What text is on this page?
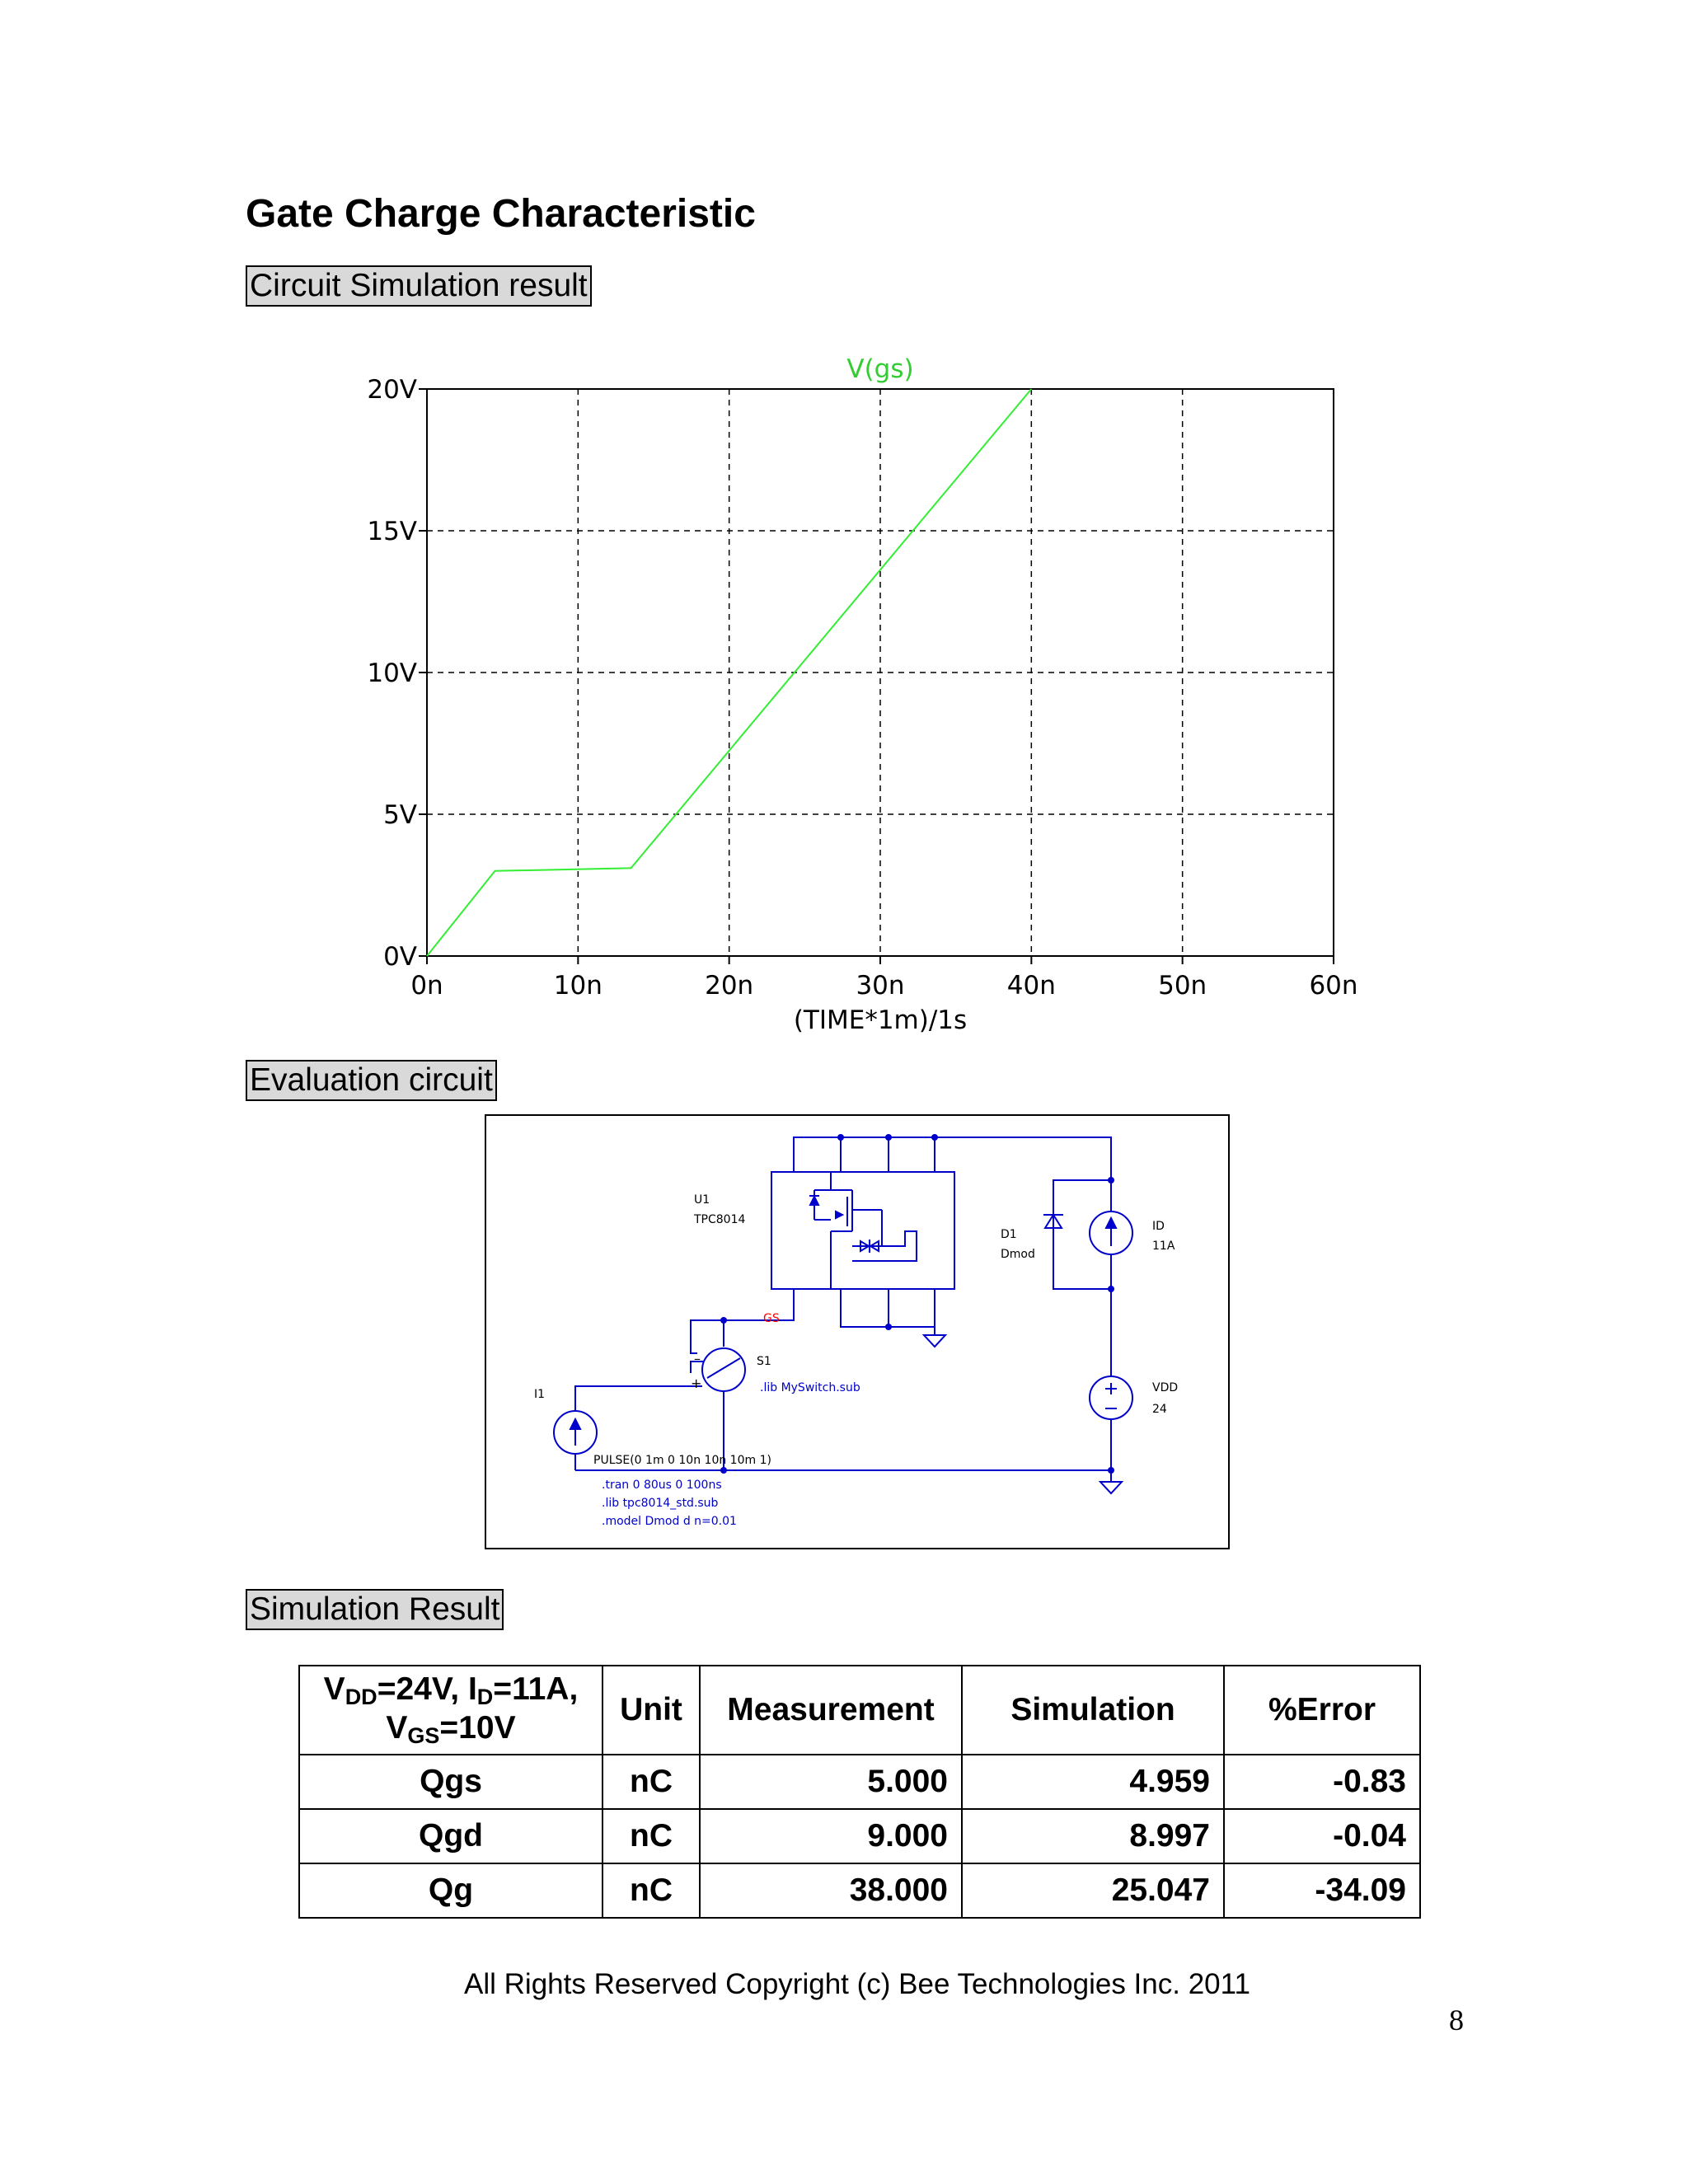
Gate Charge Characteristic
Circuit Simulation result
0n	10n	20n	30n	40n	50n	60n
0V
5V
10V
15V
20V
V(gs)
(TIME*1m)/1s
Evaluation circuit
–
+
U1
TPC8014
D1
Dmod
ID
11A
VDD
24
GS
S1
.lib MySwitch.sub
I1
PULSE(0 1m 0 10n 10n 10m 1)
.tran 0 80us 0 100ns
.lib tpc8014_std.sub
.model Dmod d n=0.01
Simulation Result
$V_{DD}=24V$, $I_D=11A$,
$V_{GS}=10V$	Unit	Measurement	Simulation	%Error
Qgs	nC	5.000	4.959	-0.83
Qgd	nC	9.000	8.997	-0.04
Qg	nC	38.000	25.047	-34.09
All Rights Reserved Copyright (c) Bee Technologies Inc. 2011
8
